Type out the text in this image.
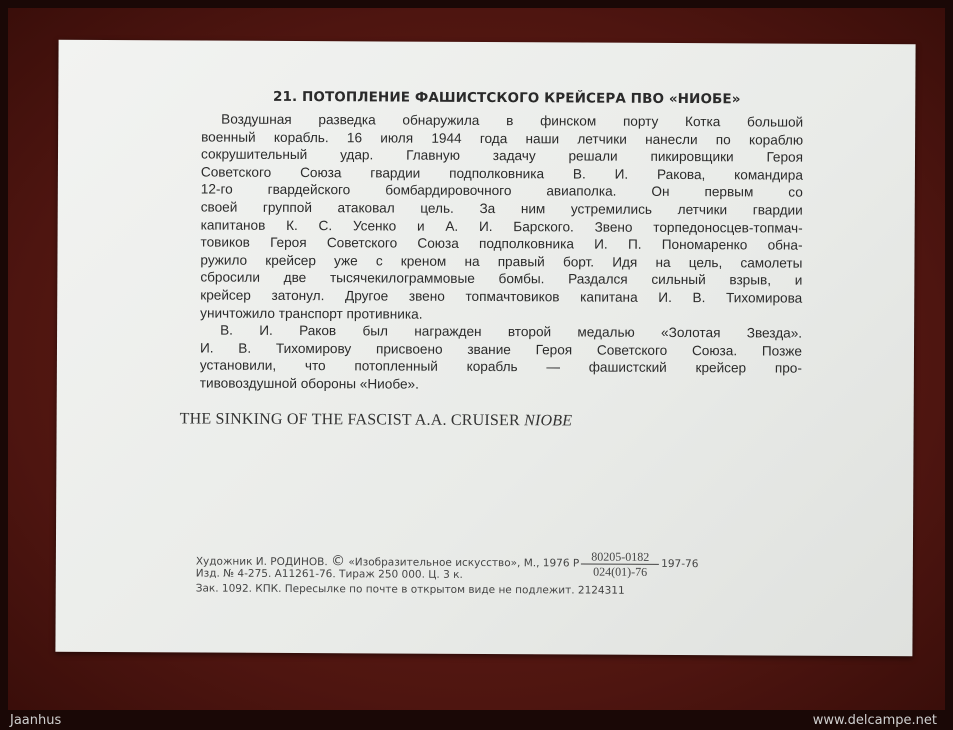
21. ПОТОПЛЕНИЕ ФАШИСТСКОГО КРЕЙСЕРА ПВО «НИОБЕ»
Воздушная разведка обнаружила в финском порту Котка большой
военный корабль. 16 июля 1944 года наши летчики нанесли по кораблю
сокрушительный удар. Главную задачу решали пикировщики Героя
Советского Союза гвардии подполковника В. И. Ракова, командира
12-го гвардейского бомбардировочного авиаполка. Он первым со
своей группой атаковал цель. За ним устремились летчики гвардии
капитанов К. С. Усенко и А. И. Барского. Звено торпедоносцев-топмач-
товиков Героя Советского Союза подполковника И. П. Пономаренко обна-
ружило крейсер уже с креном на правый борт. Идя на цель, самолеты
сбросили две тысячекилограммовые бомбы. Раздался сильный взрыв, и
крейсер затонул. Другое звено топмачтовиков капитана И. В. Тихомирова
уничтожило транспорт противника.
В. И. Раков был награжден второй медалью «Золотая Звезда».
И. В. Тихомирову присвоено звание Героя Советского Союза. Позже
установили, что потопленный корабль — фашистский крейсер про-
тивовоздушной обороны «Ниобе».
THE SINKING OF THE FASCIST A.A. CRUISER NIOBE
Художник И. РОДИНОВ. © «Изобразительное искусство», М., 1976 Р $\frac{80205-0182}{024(01)-76} 197-76$
Изд. № 4-275. А11261-76. Тираж 250 000. Ц. 3 к.
Зак. 1092. КПК. Пересылке по почте в открытом виде не подлежит. 2124311
Jaanhus	www.delcampe.net
